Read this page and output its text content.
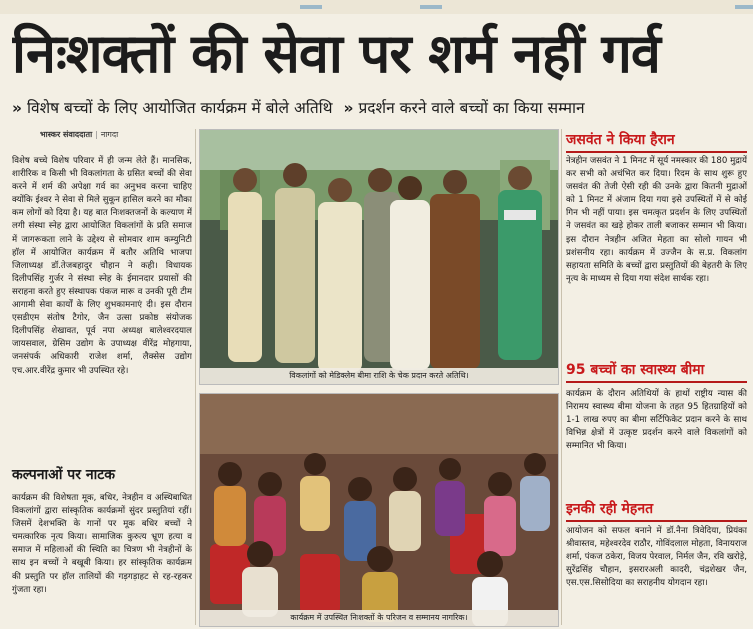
निःशक्तों की सेवा पर शर्म नहीं गर्व
» विशेष बच्चों के लिए आयोजित कार्यक्रम में बोले अतिथि » प्रदर्शन करने वाले बच्चों का किया सम्मान
भास्कर संवाददाता | नागदा
विशेष बच्चे विशेष परिवार में ही जन्म लेते हैं। मानसिक, शारीरिक व किसी भी विकलांगता के ग्रसित बच्चों की सेवा करने में शर्म की अपेक्षा गर्व का अनुभव करना चाहिए क्योंकि ईश्वर ने सेवा से मिले सुकून हासिल करने का मौका कम लोगों को दिया है। यह बात निःशक्तजनों के कल्याण में लगी संस्था स्नेह द्वारा आयोजित विकलांगों के प्रति समाज में जागरूकता लाने के उद्देश्य से सोमवार शाम कम्युनिटी हॉल में आयोजित कार्यक्रम में बतौर अतिथि भाजपा जिलाध्यक्ष डॉ.तेजबहादुर चौहान ने कही। विधायक दिलीपसिंह गुर्जर ने संस्था स्नेह के ईमानदार प्रयासों की सराहना करते हुए संस्थापक पंकज मारू व उनकी पूरी टीम आगामी सेवा कार्यों के लिए शुभकामनाएं दी। इस दौरान एसडीएम संतोष टैगोर, जैन उत्सा प्रकोष्ठ संयोजक दिलीपसिंह शेखावत, पूर्व नपा अध्यक्ष बालेश्वरदयाल जायसवाल, ग्रेसिम उद्योग के उपाध्यक्ष वीरेंद्र मोहगाया, जनसंपर्क अधिकारी राजेश शर्मा, लैक्सेस उद्योग एच.आर.वीरेंद्र कुमार भी उपस्थित रहे।
कल्पनाओं पर नाटक
कार्यक्रम की विशेषता मूक, बधिर, नेत्रहीन व अस्थिबाधित विकलांगों द्वारा सांस्कृतिक कार्यक्रमों सुंदर प्रस्तुतियां रहीं। जिसमें देशभक्ति के गानों पर मूक बधिर बच्चों ने चमत्कारिक नृत्य किया। सामाजिक कुरुत्य भ्रूण हत्या व समाज में महिलाओं की स्थिति का चित्रण भी नेत्रहीनों के साथ इन बच्चों ने बखूबी किया। हर सांस्कृतिक कार्यक्रम की प्रस्तुति पर हॉल तालियों की गड़गड़ाहट से रह-रहकर गुंजता रहा।
विकलांगों को मेडिक्लेम बीमा राशि के चेक प्रदान करते अतिथि।
कार्यक्रम में उपस्थित निःशक्तों के परिजन व सम्मानय नागरिक।
जसवंत ने किया हैरान
नेत्रहीन जसवंत ने 1 मिनट में सूर्य नमस्कार की 180 मुद्रायें कर सभी को अचंभित कर दिया। रिदम के साथ शुरू हुए जसवंत की तेजी ऐसी रही की उनके द्वारा कितनी मुद्राओं को 1 मिनट में अंजाम दिया गया इसे उपस्थितों में से कोई गिन भी नहीं पाया। इस चमत्कृत प्रदर्शन के लिए उपस्थितों ने जसवंत का खड़े होकर ताली बजाकर सम्मान भी किया। इस दौरान नेत्रहीन अजित मेहता का सोलो गायन भी प्रशंसनीय रहा। कार्यक्रम में उज्जैन के स.प्र. विकलांग सहायता समिति के बच्चों द्वारा प्रस्तुतियों की बेहतरी के लिए नृत्य के माध्यम से दिया गया संदेश सार्थक रहा।
95 बच्चों का स्वास्थ्य बीमा
कार्यक्रम के दौरान अतिथियों के हाथों राष्ट्रीय न्यास की निरामय स्वास्थ्य बीमा योजना के तहत 95 हितग्राहियों को 1-1 लाख रुपए का बीमा सर्टिफिकेट प्रदान करने के साथ विभिन्न क्षेत्रों में उत्कृष्ट प्रदर्शन करने वाले विकलांगों को सम्मानित भी किया।
इनकी रही मेहनत
आयोजन को सफल बनाने में डॉ.नैना त्रिवेदिया, प्रियंका श्रीवास्तव, महेश्वरदेव राठौर, गोविंदलाल मोहता, विनायराज शर्मा, पंकज ठकेरा, विजय पेरवाल, निर्मल जैन, रवि खरोड़े, सुरेंद्रसिंह चौहान, इसरारअली कादरी, चंद्रशेखर जैन, एस.एस.सिसोदिया का सराहनीय योगदान रहा।
